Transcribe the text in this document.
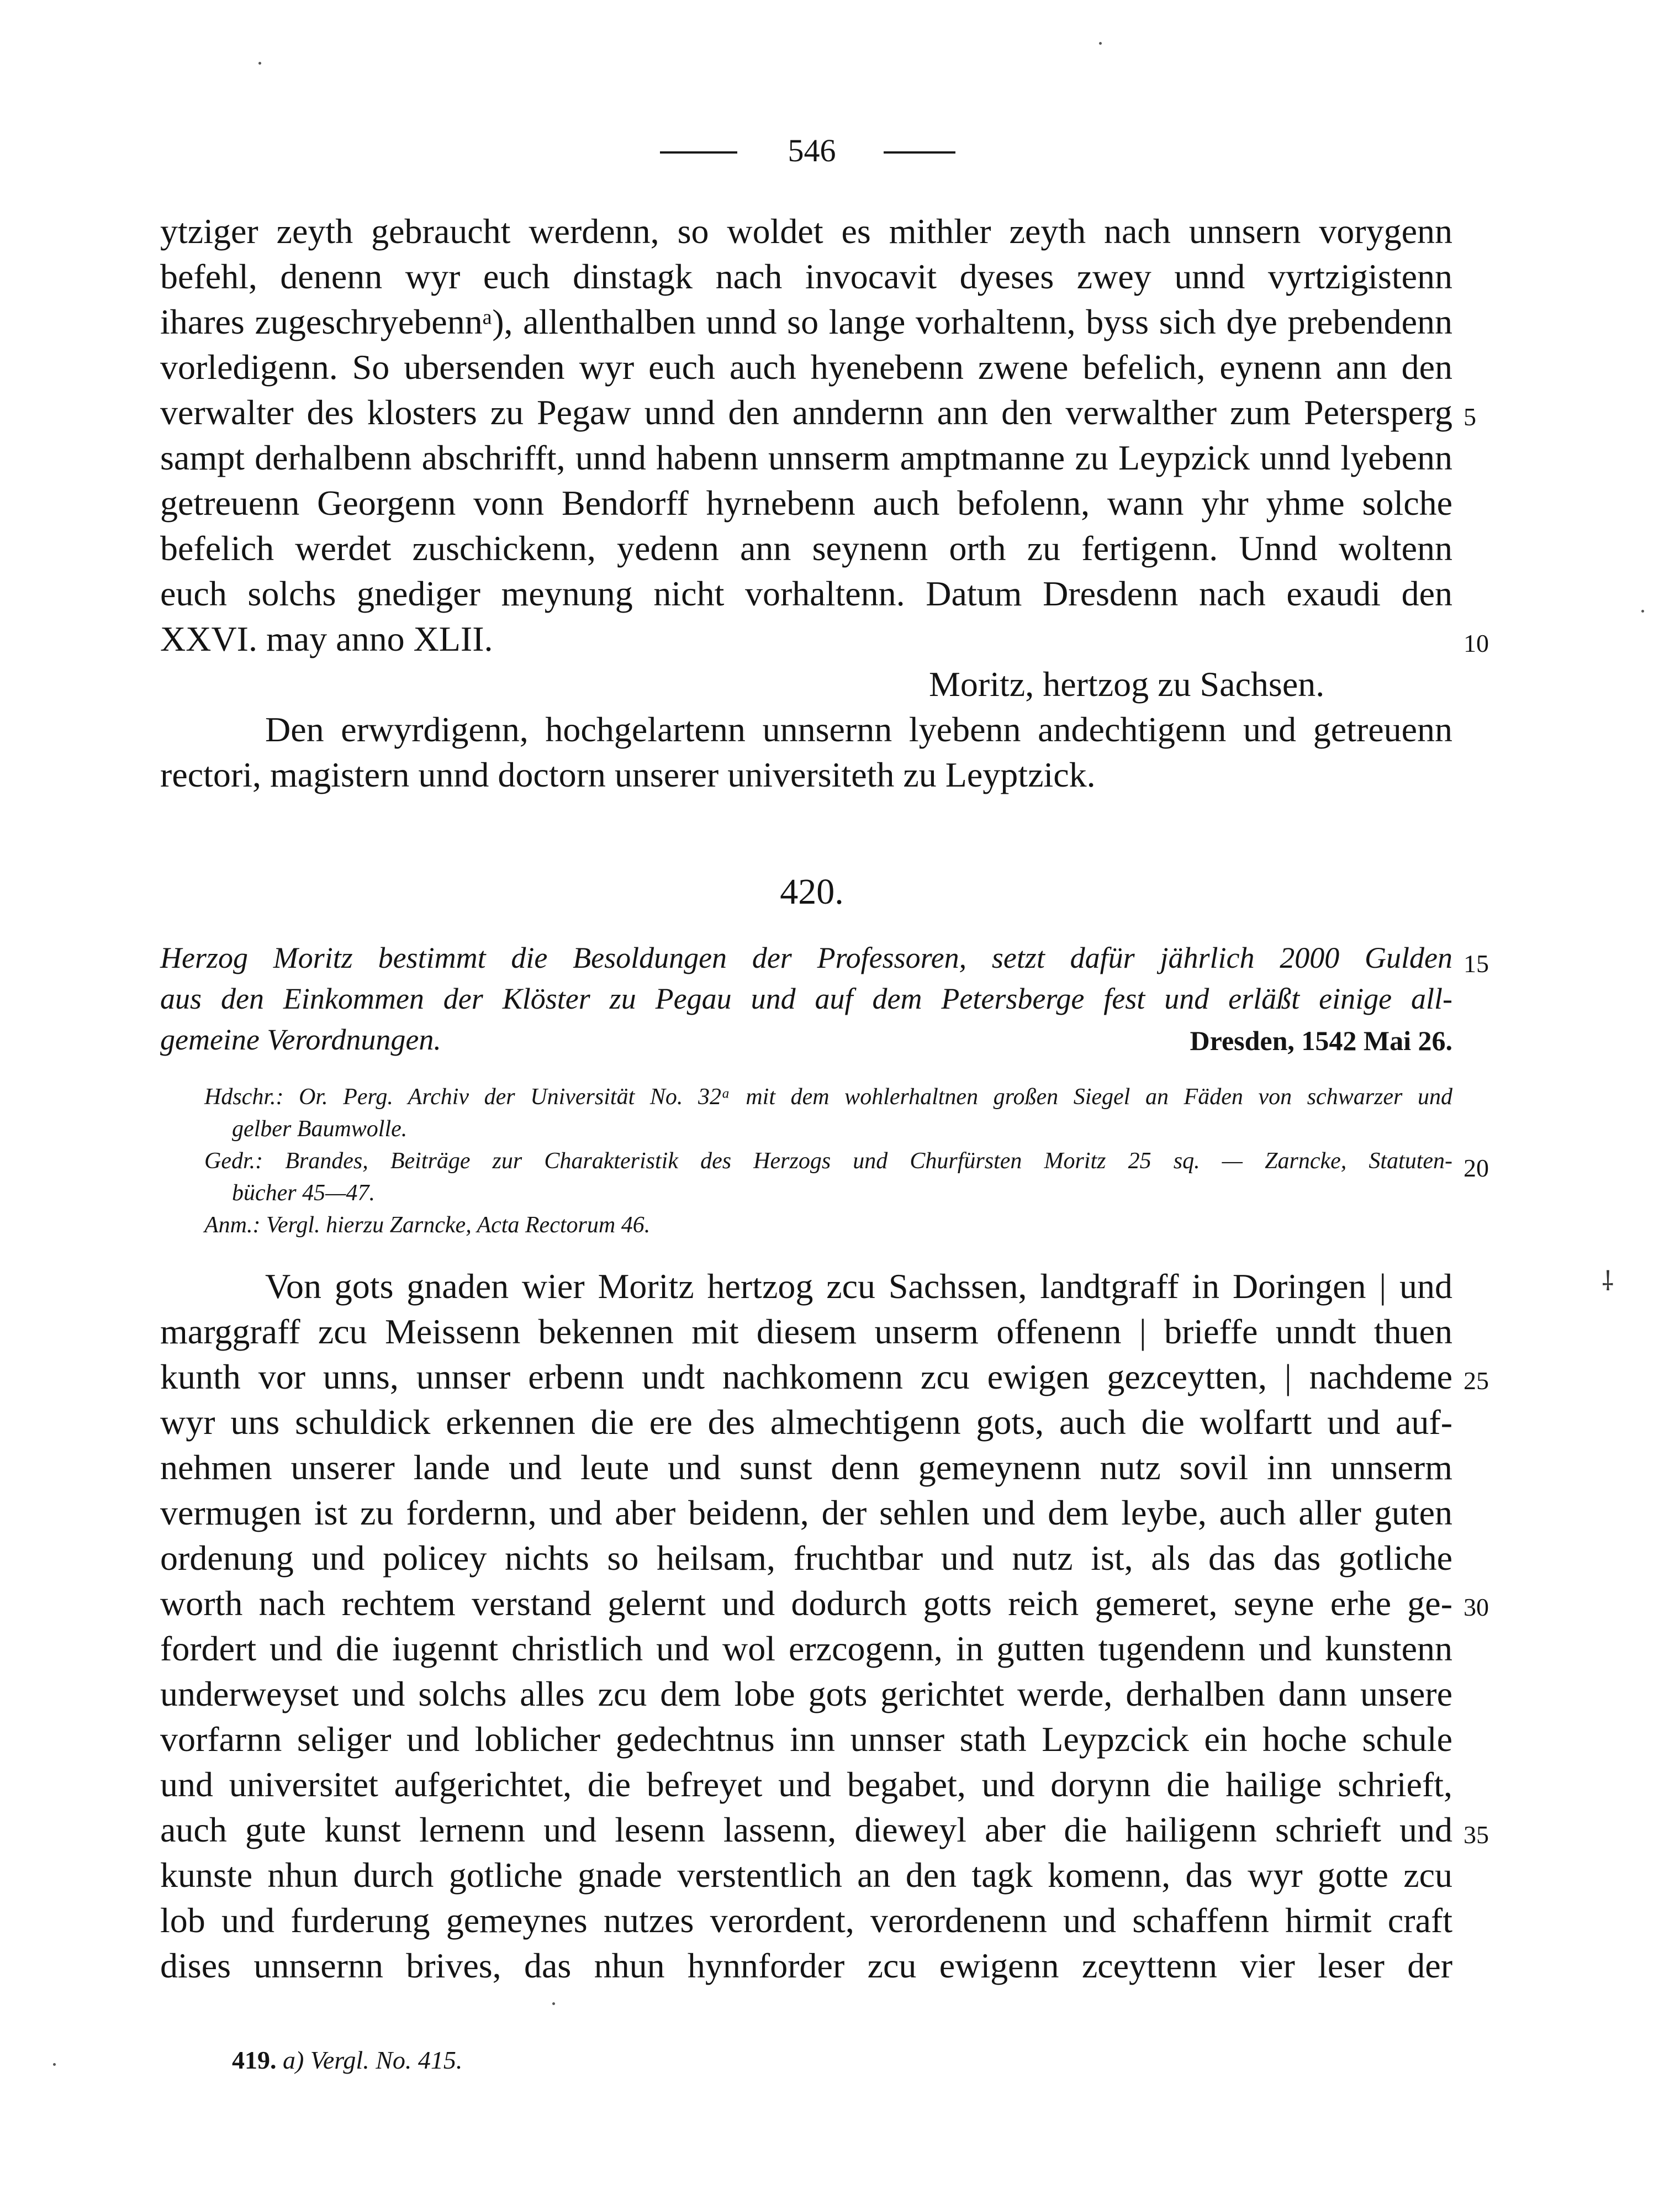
546
ytziger zeyth gebraucht werdenn, so woldet es mithler zeyth nach unnsern vorygenn
befehl, denenn wyr euch dinstagk nach invocavit dyeses zwey unnd vyrtzigistenn
ihares zugeschryebennᵃ), allenthalben unnd so lange vorhaltenn, byss sich dye prebendenn
vorledigenn. So ubersenden wyr euch auch hyenebenn zwene befelich, eynenn ann den
verwalter des klosters zu Pegaw unnd den anndernn ann den verwalther zum Petersperg
sampt derhalbenn abschrifft, unnd habenn unnserm amptmanne zu Leypzick unnd lyebenn
getreuenn Georgenn vonn Bendorff hyrnebenn auch befolenn, wann yhr yhme solche
befelich werdet zuschickenn, yedenn ann seynenn orth zu fertigenn. Unnd woltenn
euch solchs gnediger meynung nicht vorhaltenn. Datum Dresdenn nach exaudi den
XXVI. may anno XLII.
Moritz, hertzog zu Sachsen.
Den erwyrdigenn, hochgelartenn unnsernn lyebenn andechtigenn und getreuenn
rectori, magistern unnd doctorn unserer universiteth zu Leyptzick.
420.
Herzog Moritz bestimmt die Besoldungen der Professoren, setzt dafür jährlich 2000 Gulden
aus den Einkommen der Klöster zu Pegau und auf dem Petersberge fest und erläßt einige all-
gemeine Verordnungen.	Dresden, 1542 Mai 26.
Hdschr.: Or. Perg. Archiv der Universität No. 32ᵃ mit dem wohlerhaltnen großen Siegel an Fäden von schwarzer und
gelber Baumwolle.
Gedr.: Brandes, Beiträge zur Charakteristik des Herzogs und Churfürsten Moritz 25 sq. — Zarncke, Statuten-
bücher 45—47.
Anm.: Vergl. hierzu Zarncke, Acta Rectorum 46.
Von gots gnaden wier Moritz hertzog zcu Sachssen, landtgraff in Doringen | und
marggraff zcu Meissenn bekennen mit diesem unserm offenenn | brieffe unndt thuen
kunth vor unns, unnser erbenn undt nachkomenn zcu ewigen gezceytten, | nachdeme
wyr uns schuldick erkennen die ere des almechtigenn gots, auch die wolfartt und auf-
nehmen unserer lande und leute und sunst denn gemeynenn nutz sovil inn unnserm
vermugen ist zu fordernn, und aber beidenn, der sehlen und dem leybe, auch aller guten
ordenung und policey nichts so heilsam, fruchtbar und nutz ist, als das das gotliche
worth nach rechtem verstand gelernt und dodurch gotts reich gemeret, seyne erhe ge-
fordert und die iugennt christlich und wol erzcogenn, in gutten tugendenn und kunstenn
underweyset und solchs alles zcu dem lobe gots gerichtet werde, derhalben dann unsere
vorfarnn seliger und loblicher gedechtnus inn unnser stath Leypzcick ein hoche schule
und universitet aufgerichtet, die befreyet und begabet, und dorynn die hailige schrieft,
auch gute kunst lernenn und lesenn lassenn, dieweyl aber die hailigenn schrieft und
kunste nhun durch gotliche gnade verstentlich an den tagk komenn, das wyr gotte zcu
lob und furderung gemeynes nutzes verordent, verordenenn und schaffenn hirmit craft
dises unnsernn brives, das nhun hynnforder zcu ewigenn zceyttenn vier leser der
5
10
15
20
25
30
35
419. a) Vergl. No. 415.
⸸
